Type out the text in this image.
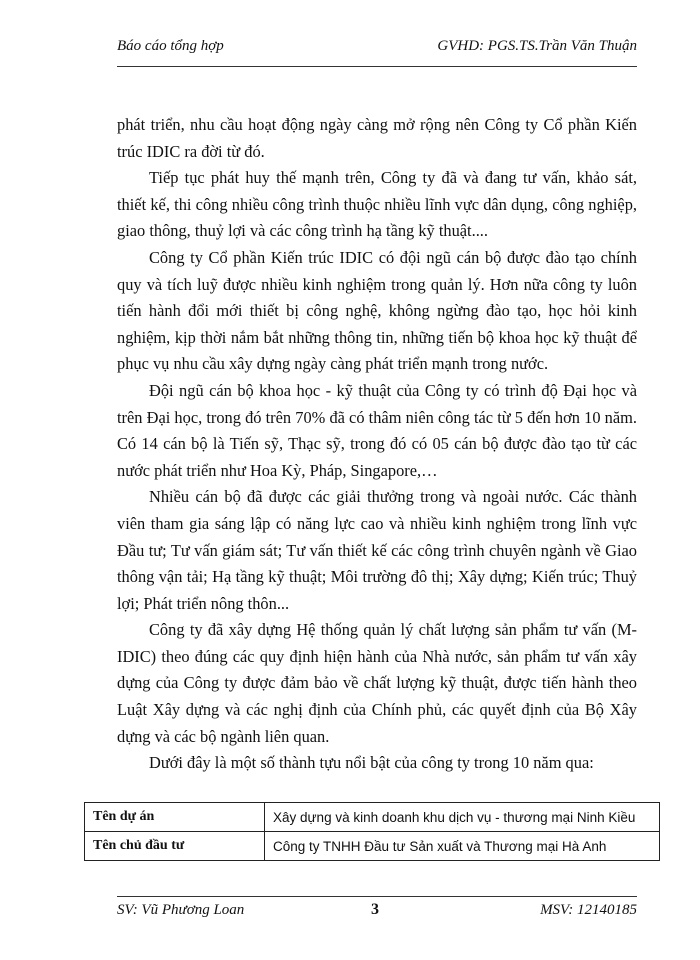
Báo cáo tổng hợp	GVHD: PGS.TS.Trần Văn Thuận

phát triển, nhu cầu hoạt động ngày càng mở rộng nên Công ty Cổ phần Kiến trúc IDIC ra đời từ đó.

Tiếp tục phát huy thế mạnh trên, Công ty đã và đang tư vấn, khảo sát, thiết kế, thi công nhiều công trình thuộc nhiều lĩnh vực dân dụng, công nghiệp, giao thông, thuỷ lợi và các công trình hạ tầng kỹ thuật....

Công ty Cổ phần Kiến trúc IDIC có đội ngũ cán bộ được đào tạo chính quy và tích luỹ được nhiều kinh nghiệm trong quản lý. Hơn nữa công ty luôn tiến hành đổi mới thiết bị công nghệ, không ngừng đào tạo, học hỏi kinh nghiệm, kịp thời nắm bắt những thông tin, những tiến bộ khoa học kỹ thuật để phục vụ nhu cầu xây dựng ngày càng phát triển mạnh trong nước.

Đội ngũ cán bộ khoa học - kỹ thuật của Công ty có trình độ Đại học và trên Đại học, trong đó trên 70% đã có thâm niên công tác từ 5 đến hơn 10 năm. Có 14 cán bộ là Tiến sỹ, Thạc sỹ, trong đó có 05 cán bộ được đào tạo từ các nước phát triển như Hoa Kỳ, Pháp, Singapore,…

Nhiều cán bộ đã được các giải thưởng trong và ngoài nước. Các thành viên tham gia sáng lập có năng lực cao và nhiều kinh nghiệm trong lĩnh vực Đầu tư; Tư vấn giám sát; Tư vấn thiết kế các công trình chuyên ngành về Giao thông vận tải; Hạ tầng kỹ thuật; Môi trường đô thị; Xây dựng; Kiến trúc; Thuỷ lợi; Phát triển nông thôn...

Công ty đã xây dựng Hệ thống quản lý chất lượng sản phẩm tư vấn (M-IDIC) theo đúng các quy định hiện hành của Nhà nước, sản phẩm tư vấn xây dựng của Công ty được đảm bảo về chất lượng kỹ thuật, được tiến hành theo Luật Xây dựng và các nghị định của Chính phủ, các quyết định của Bộ Xây dựng và các bộ ngành liên quan.

Dưới đây là một số thành tựu nổi bật của công ty trong 10 năm qua:

Tên dự án	Xây dựng và kinh doanh khu dịch vụ - thương mại Ninh Kiều
Tên chủ đầu tư	Công ty TNHH Đầu tư Sản xuất và Thương mại Hà Anh
SV: Vũ Phương Loan	3	MSV: 12140185
